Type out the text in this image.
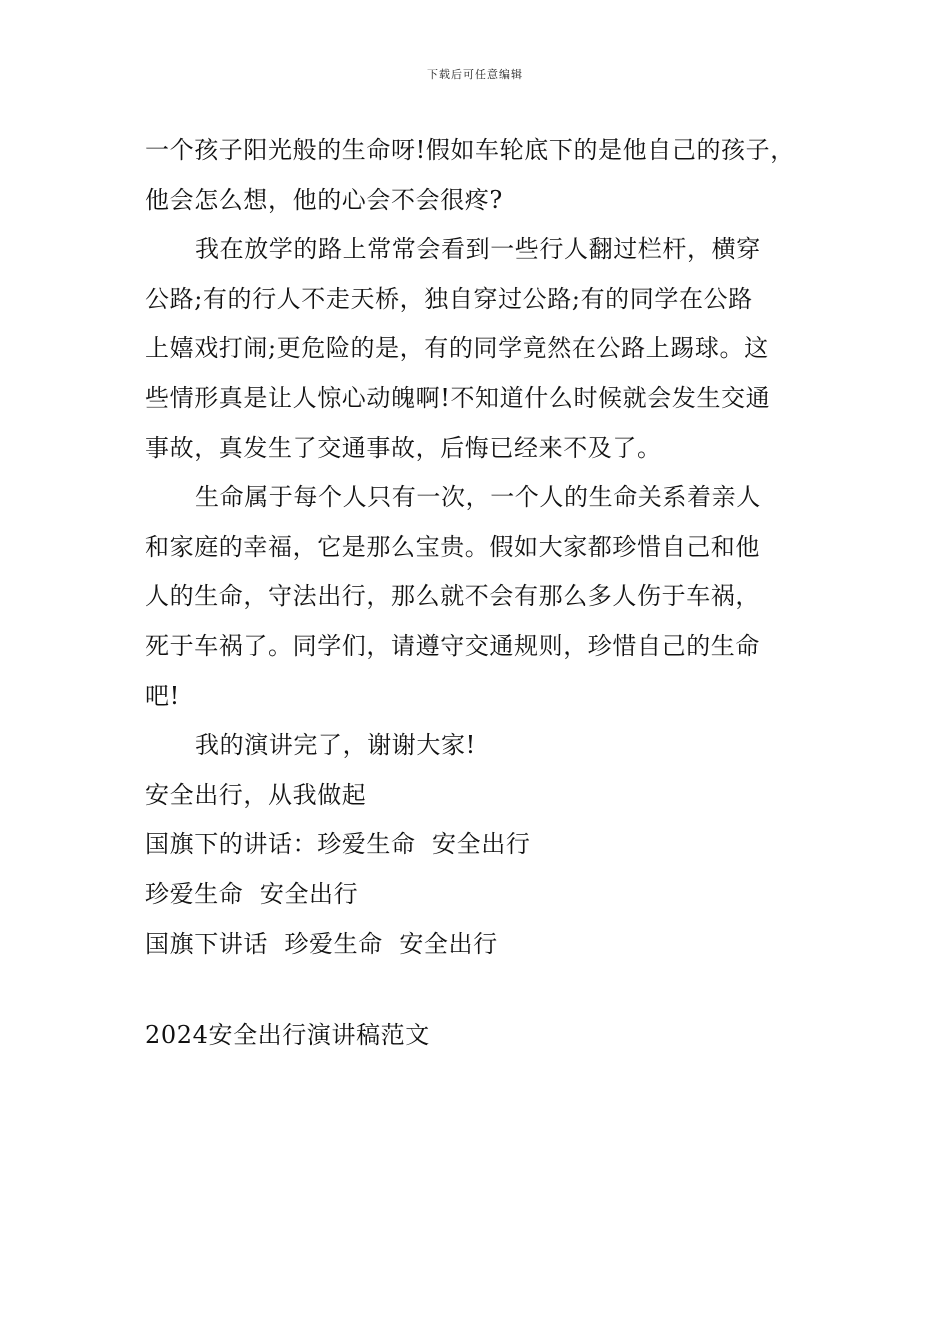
下载后可任意编辑
一个孩子阳光般的生命呀!假如车轮底下的是他自己的孩子，
他会怎么想，他的心会不会很疼?
我在放学的路上常常会看到一些行人翻过栏杆，横穿
公路;有的行人不走天桥，独自穿过公路;有的同学在公路
上嬉戏打闹;更危险的是，有的同学竟然在公路上踢球。这
些情形真是让人惊心动魄啊!不知道什么时候就会发生交通
事故，真发生了交通事故，后悔已经来不及了。
生命属于每个人只有一次，一个人的生命关系着亲人
和家庭的幸福，它是那么宝贵。假如大家都珍惜自己和他
人的生命，守法出行，那么就不会有那么多人伤于车祸，
死于车祸了。同学们，请遵守交通规则，珍惜自己的生命
吧!
我的演讲完了，谢谢大家!
安全出行，从我做起
国旗下的讲话：珍爱生命  安全出行
珍爱生命  安全出行
国旗下讲话  珍爱生命  安全出行
2024安全出行演讲稿范文
